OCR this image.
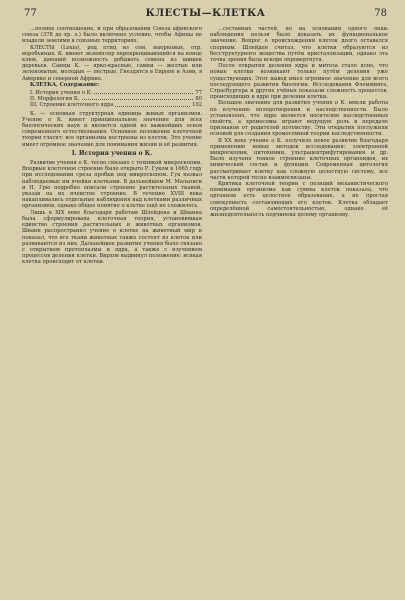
77	КЛЕСТЫ—КЛЕТКА	78

...полное соотношение, и при образовании Союза афинского союза (378 до хр. э.) было включено условие, чтобы Афины не владели землями в союзных территориях.

КЛЕСТЫ (Loxia), род птиц из сем. вьюрковых, отр. воробьиных. К. имеют экземпляр перекрещивающийся на конце клюв, дающий возможность добывать семена из шишек деревьев. Самцы К. — ярко-красные, самки — желтые или зеленоватые, молодые — пестрые. Гнездятся в Европе и Азии, в Америке и северной Африке.

КЛЕТКА, Содержание:

I. История учения о К.	77
II. Морфология К.	80
III. Строение клеточного ядра	102

К. — основная структурная единица живых организмов. Учение о К. имеет принципиальное значение для всех биологических наук и является одной из важнейших основ современного естествознания. Основное положение клеточной теории гласит: все организмы построены из клеток. Это учение имеет огромное значение для понимания жизни и её развития.

I. История учения о К.

Развитие учения о К. тесно связано с техникой микроскопии. Впервые клеточное строение было открыто Р. Гуком в 1665 году при исследовании среза пробки под микроскопом. Гук назвал наблюдаемые им ячейки клетками. В дальнейшем М. Мальпиги и Н. Грю подробно описали строение растительных тканей, указав на их ячеистое строение. В течение XVIII века накапливались отдельные наблюдения над клетками различных организмов, однако общее понятие о клетке ещё не сложилось.

Лишь в XIX веке благодаря работам Шлейдена и Шванна была сформулирована клеточная теория, установившая единство строения растительных и животных организмов. Шванн распространил учение о клетке на животный мир и показал, что все ткани животных также состоят из клеток или развиваются из них. Дальнейшее развитие учения было связано с открытием протоплазмы и ядра, а также с изучением процессов деления клетки. Вирхов выдвинул положение: всякая клетка происходит от клетки.

...составных частей, но на основании одного лишь наблюдения нельзя было доказать их функциональное значение. Вопрос о происхождении клеток долго оставался спорным. Шлейден считал, что клетки образуются из бесструктурного вещества путём кристаллизации, однако эта точка зрения была вскоре опровергнута.

После открытия деления ядра и митоза стало ясно, что новые клетки возникают только путём деления уже существующих. Этот вывод имел огромное значение для всего последующего развития биологии. Исследования Флемминга, Страсбургера и других учёных показали сложность процессов, происходящих в ядре при делении клетки.

Большое значение для развития учения о К. имели работы по изучению оплодотворения и наследственности. Было установлено, что ядро является носителем наследственных свойств, а хромосомы играют ведущую роль в передаче признаков от родителей потомству. Эти открытия послужили основой для создания хромосомной теории наследственности.

В XX веке учение о К. получило новое развитие благодаря применению новых методов исследования: электронной микроскопии, цитохимии, ультрацентрифугирования и др. Было изучено тонкое строение клеточных органоидов, их химический состав и функции. Современная цитология рассматривает клетку как сложную целостную систему, все части которой тесно взаимосвязаны.

Критика клеточной теории с позиций механистического понимания организма как суммы клеток показала, что организм есть целостное образование, а не простая совокупность составляющих его клеток. Клетка обладает определённой самостоятельностью, однако её жизнедеятельность подчинена целому организму.
